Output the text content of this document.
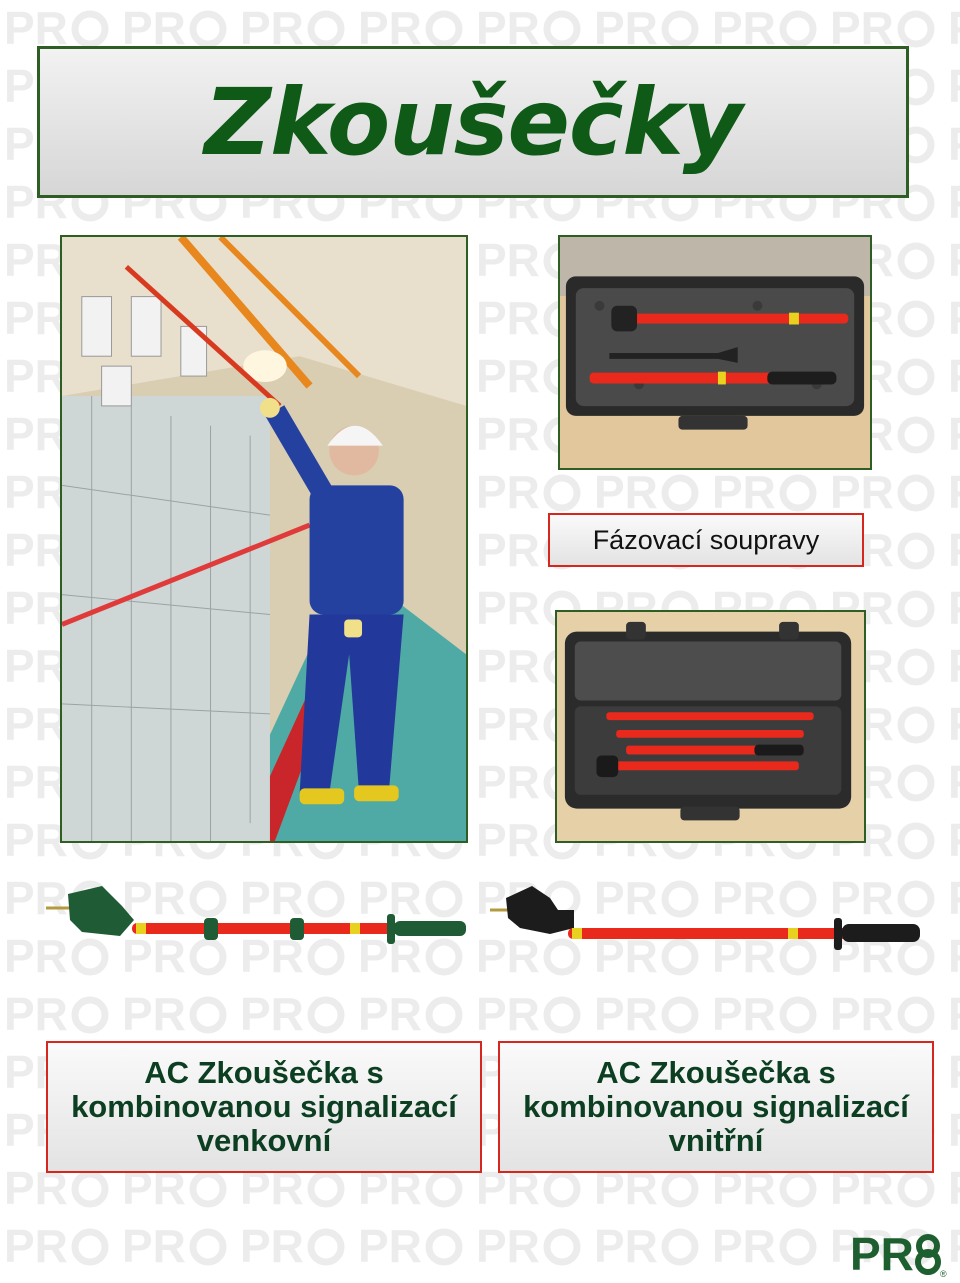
Zkoušečky
Fázovací soupravy
AC Zkoušečka s
kombinovanou signalizací
venkovní
AC Zkoušečka s
kombinovanou signalizací
vnitřní
PR	®
